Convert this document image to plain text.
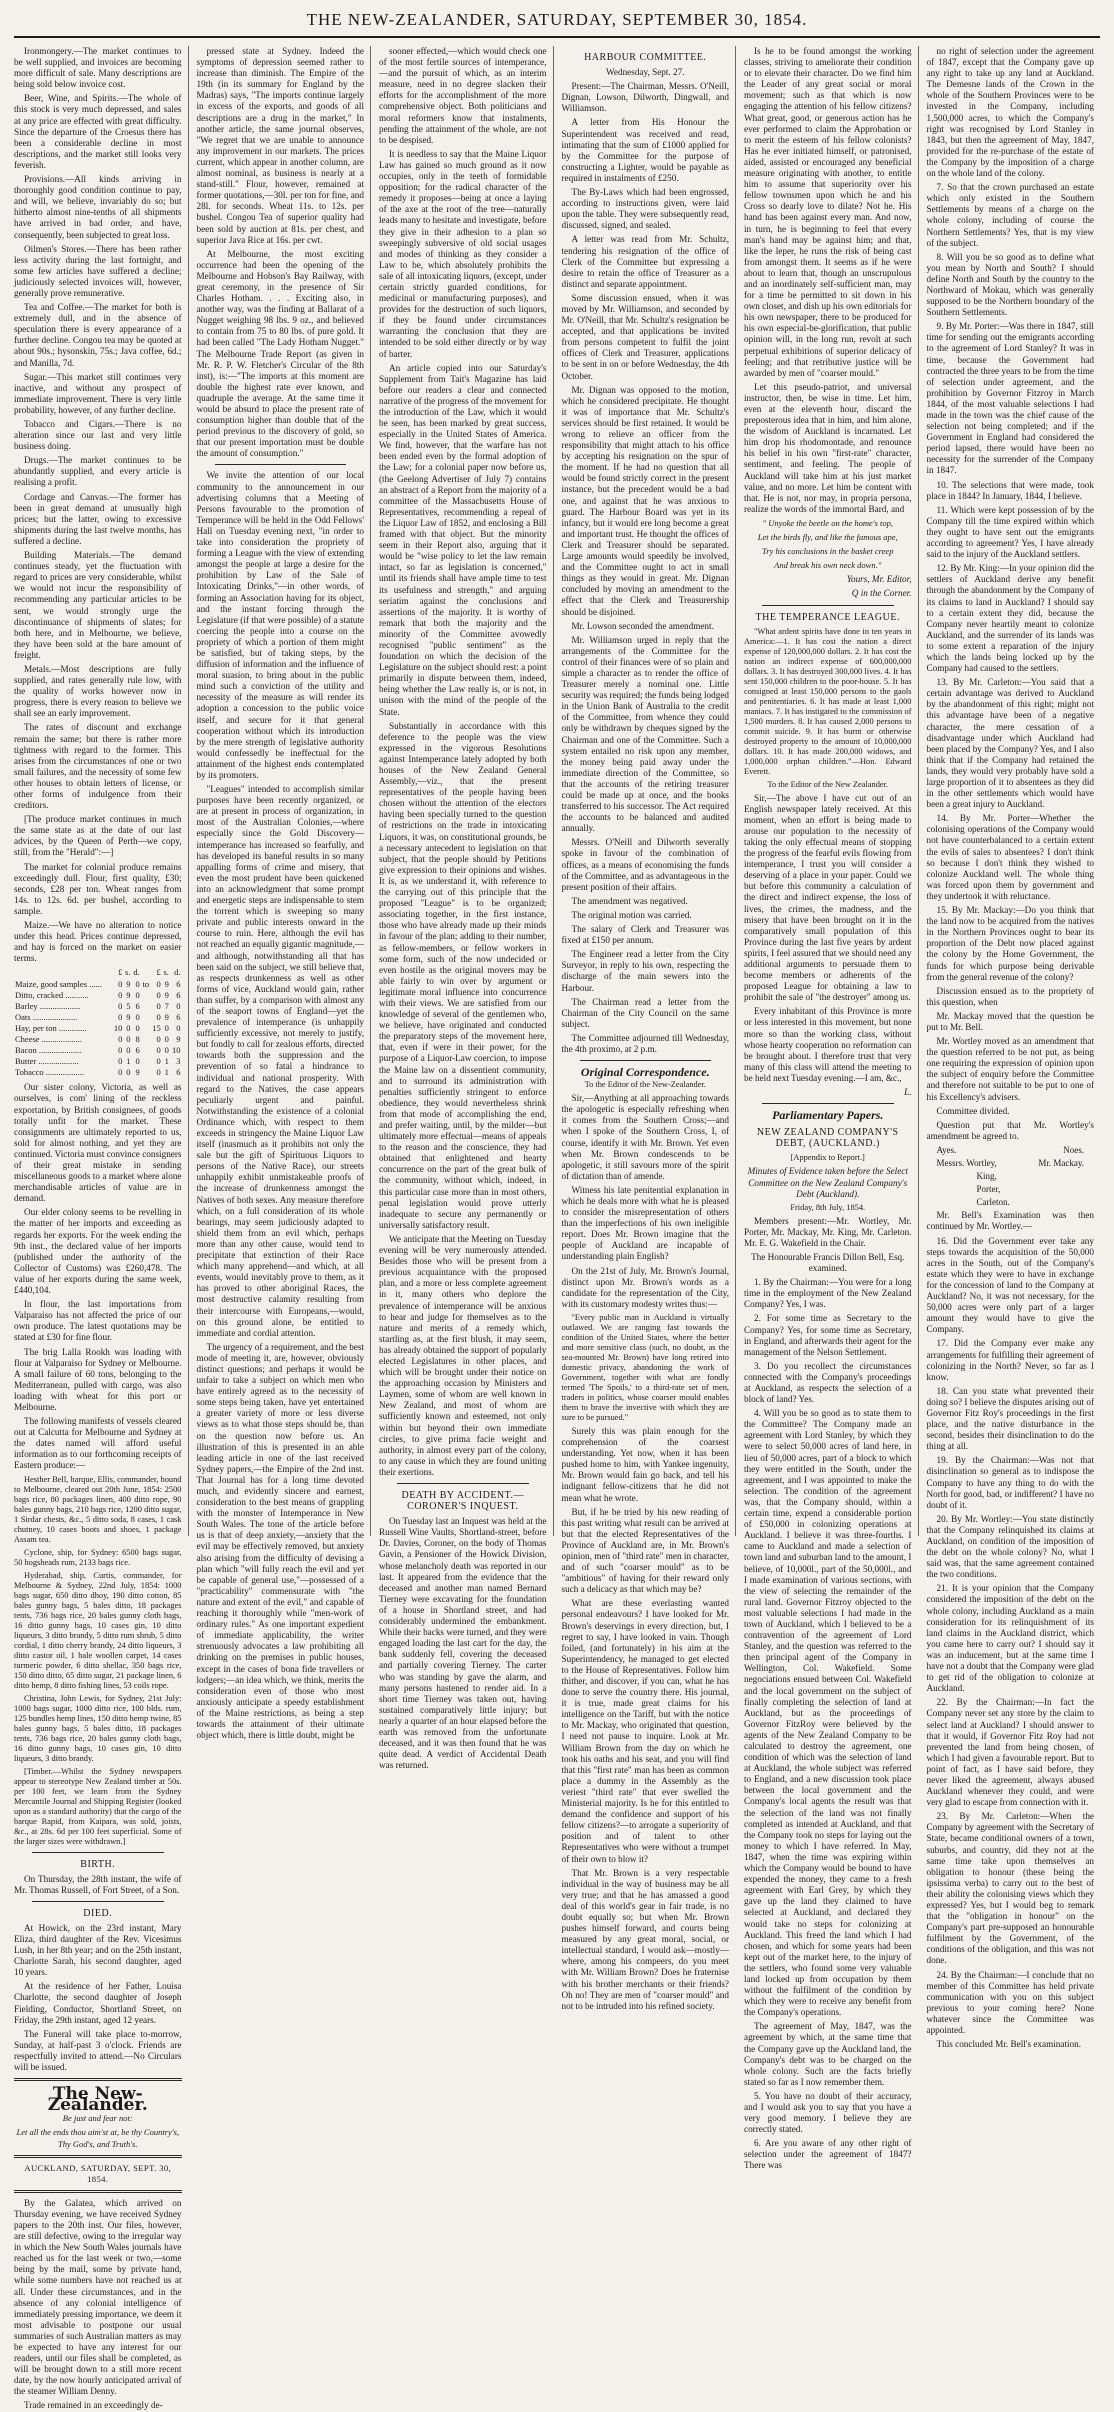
THE NEW-ZEALANDER, SATURDAY, SEPTEMBER 30, 1854.

Ironmongery.—The market continues to be well supplied, and invoices are becoming more difficult of sale. Many descriptions are being sold below invoice cost.

Beer, Wine, and Spirits.—The whole of this stock is very much depressed, and sales at any price are effected with great difficulty. Since the departure of the Croesus there has been a considerable decline in most descriptions, and the market still looks very feverish.

Provisions.—All kinds arriving in thoroughly good condition continue to pay, and will, we believe, invariably do so; but hitherto almost nine-tenths of all shipments have arrived in bad order, and have, consequently, been subjected to great loss.

Oilmen's Stores.—There has been rather less activity during the last fortnight, and some few articles have suffered a decline; judiciously selected invoices will, however, generally prove remunerative.

Tea and Coffee.—The market for both is extremely dull, and in the absence of speculation there is every appearance of a further decline. Congou tea may be quoted at about 90s.; hysonskin, 75s.; Java coffee, 6d.; and Manilla, 7d.

Sugar.—This market still continues very inactive, and without any prospect of immediate improvement. There is very little probability, however, of any further decline.

Tobacco and Cigars.—There is no alteration since our last and very little business doing.

Drugs.—The market continues to be abundantly supplied, and every article is realising a profit.

Cordage and Canvas.—The former has been in great demand at unusually high prices; but the latter, owing to excessive shipments during the last twelve months, has suffered a decline.

Building Materials.—The demand continues steady, yet the fluctuation with regard to prices are very considerable, whilst we would not incur the responsibility of recommending any particular articles to be sent, we would strongly urge the discontinuance of shipments of slates; for both here, and in Melbourne, we believe, they have been sold at the bare amount of freight.

Metals.—Most descriptions are fully supplied, and rates generally rule low, with the quality of works however now in progress, there is every reason to believe we shall see an early improvement.

The rates of discount and exchange remain the same; but there is rather more tightness with regard to the former. This arises from the circumstances of one or two small failures, and the necessity of some few other houses to obtain letters of license, or other forms of indulgence from their creditors.

[The produce market continues in much the same state as at the date of our last advices, by the Queen of Perth—we copy, still, from the "Herald":—]

The market for colonial produce remains exceedingly dull. Flour, first quality, £30; seconds, £28 per ton. Wheat ranges from 14s. to 12s. 6d. per bushel, according to sample.

Maize.—We have no alteration to notice under this head. Prices continue depressed, and hay is forced on the market on easier terms.

	£	s.	d.		£	s.	d.
Maize, good samples ......	0	9	0	to	0	9	6
Ditto, cracked ...........	0	9	0		0	9	6
Barley ...................	0	5	6		0	7	0
Oats .....................	0	9	0		0	9	6
Hay, per ton .............	10	0	0		15	0	0
Cheese ...................	0	0	8		0	0	9
Bacon ....................	0	0	6		0	0	10
Butter ...................	0	1	0		0	1	3
Tobacco ..................	0	0	9		0	1	6

Our sister colony, Victoria, as well as ourselves, is com' lining of the reckless exportation, by British consignees, of goods totally unfit for the market. These consignments are ultimately reported to us, sold for almost nothing, and yet they are continued. Victoria must convince consigners of their great mistake in sending miscellaneous goods to a market where alone merchandisable articles of value are in demand.

Our elder colony seems to be revelling in the matter of her imports and exceeding as regards her exports. For the week ending the 9th inst., the declared value of her imports (published under the authority of the Collector of Customs) was £260,478. The value of her exports during the same week, £440,104.

In flour, the last importations from Valparaiso has not affected the price of our own produce. The latest quotations may be stated at £30 for fine flour.

The brig Lalla Rookh was loading with flour at Valparaiso for Sydney or Melbourne. A small failure of 60 tons, belonging to the Mediterranean, pulled with cargo, was also loading with wheat for this port or Melbourne.

The following manifests of vessels cleared out at Calcutta for Melbourne and Sydney at the dates named will afford useful information as to our forthcoming receipts of Eastern produce:—

Hesther Bell, barque, Ellis, commander, bound to Melbourne, cleared out 20th June, 1854: 2500 bags rice, 80 packages linen, 400 ditto rope, 90 bales gunny bags, 210 bags rice, 1200 ditto sugar, 1 Sirdar chests, &c., 5 ditto soda, 8 cases, 1 cask chutney, 10 cases boots and shoes, 1 package Assam tea.

Cyclone, ship, for Sydney: 6500 bags sugar, 50 hogsheads rum, 2133 bags rice.

Hyderabad, ship, Curtis, commander, for Melbourne & Sydney, 22nd July, 1854: 1000 bags sugar, 650 ditto dhoy, 190 ditto cotton, 85 bales gunny bags, 5 bales ditto, 18 packages tents, 736 bags rice, 20 bales gunny cloth bags, 16 ditto gunny bags, 10 cases gin, 10 ditto liqueurs, 3 ditto brandy, 5 ditto rum shrub, 5 ditto cordial, 1 ditto cherry brandy, 24 ditto liqueurs, 3 ditto castor oil, 1 bale woollen carpet, 14 cases turmeric powder, 6 ditto shellac, 350 bags rice, 150 ditto ditto, 65 ditto sugar, 21 package linen, 6 ditto hemp, 8 ditto fishing lines, 53 coils rope.

Christina, John Lewis, for Sydney, 21st July: 1000 bags sugar, 1000 ditto rice, 100 blds. rum, 125 bundles hemp lines, 150 ditto hemp twine, 85 bales gunny bags, 5 bales ditto, 18 packages tents, 736 bags rice, 20 bales gunny cloth bags, 16 ditto gunny bags, 10 cases gin, 10 ditto liqueurs, 3 ditto brandy.

[Timber.—Whilst the Sydney newspapers appear to stereotype New Zealand timber at 50s. per 100 feet, we learn from the Sydney Mercantile Journal and Shipping Register (looked upon as a standard authority) that the cargo of the barque Rapid, from Kaipara, was sold, joists, &c., at 28s. 6d per 100 feet superficial. Some of the larger sizes were withdrawn.]

BIRTH.

On Thursday, the 28th instant, the wife of Mr. Thomas Russell, of Fort Street, of a Son.

DIED.

At Howick, on the 23rd instant, Mary Eliza, third daughter of the Rev. Vicesimus Lush, in her 8th year; and on the 25th instant, Charlotte Sarah, his second daughter, aged 10 years.

At the residence of her Father, Louisa Charlotte, the second daughter of Joseph Fielding, Conductor, Shortland Street, on Friday, the 29th instant, aged 12 years.

The Funeral will take place to-morrow, Sunday, at half-past 3 o'clock. Friends are respectfully invited to attend.—No Circulars will be issued.

The New-Zealander.

Be just and fear not:

Let all the ends thou aim'st at, be thy Country's, Thy God's, and Truth's.

AUCKLAND, SATURDAY, SEPT. 30, 1854.

By the Galatea, which arrived on Thursday evening, we have received Sydney papers to the 20th inst. Our files, however, are still defective, owing to the irregular way in which the New South Wales journals have reached us for the last week or two,—some being by the mail, some by private hand, while some numbers have not reached us at all. Under these circumstances, and in the absence of any colonial intelligence of immediately pressing importance, we deem it most advisable to postpone our usual summaries of such Australian matters as may be expected to have any interest for our readers, until our files shall be completed, as will be brought down to a still more recent date, by the now hourly anticipated arrival of the steamer William Denny.

Trade remained in an exceedingly de-

pressed state at Sydney. Indeed the symptoms of depression seemed rather to increase than diminish. The Empire of the 19th (in its summary for England by the Madras) says, "The imports continue largely in excess of the exports, and goods of all descriptions are a drug in the market," In another article, the same journal observes, "We regret that we are unable to announce any improvement in our markets. The prices current, which appear in another column, are almost nominal, as business is nearly at a stand-still." Flour, however, remained at former quotations,—30l. per ton for fine, and 28l. for seconds. Wheat 11s. to 12s. per bushel. Congou Tea of superior quality had been sold by auction at 81s. per chest, and superior Java Rice at 16s. per cwt.

At Melbourne, the most exciting occurrence had been the opening of the Melbourne and Hobson's Bay Railway, with great ceremony, in the presence of Sir Charles Hotham. . . . Exciting also, in another way, was the finding at Ballarat of a Nugget weighing 98 lbs. 9 oz., and believed to contain from 75 to 80 lbs. of pure gold. It had been called "The Lady Hotham Nugget." The Melbourne Trade Report (as given in Mr. R. P. W. Fletcher's Circular of the 8th inst), is:—"The imports at this moment are double the highest rate ever known, and quadruple the average. At the same time it would be absurd to place the present rate of consumption higher than double that of the period previous to the discovery of gold, so that our present importation must be double the amount of consumption."

We invite the attention of our local community to the announcement in our advertising columns that a Meeting of Persons favourable to the promotion of Temperance will be held in the Odd Fellows' Hall on Tuesday evening next, "in order to take into consideration the propriety of forming a League with the view of extending amongst the people at large a desire for the prohibition by Law of the Sale of Intoxicating Drinks,"—in other words, of forming an Association having for its object, and the instant forcing through the Legislature (if that were possible) of a statute coercing the people into a course on the propriety of which a portion of them might be satisfied, but of taking steps, by the diffusion of information and the influence of moral suasion, to bring about in the public mind such a conviction of the utility and necessity of the measure as will render its adoption a concession to the public voice itself, and secure for it that general cooperation without which its introduction by the mere strength of legislative authority would confessedly be ineffectual for the attainment of the highest ends contemplated by its promoters.

"Leagues" intended to accomplish similar purposes have been recently organized, or are at present in process of organization, in most of the Australian Colonies,—where especially since the Gold Discovery—intemperance has increased so fearfully, and has developed its baneful results in so many appalling forms of crime and misery, that even the most prudent have been quickened into an acknowledgment that some prompt and energetic steps are indispensable to stem the torrent which is sweeping so many private and public interests onward in the course to ruin. Here, although the evil has not reached an equally gigantic magnitude,—and although, notwithstanding all that has been said on the subject, we still believe that, as respects drunkenness as well as other forms of vice, Auckland would gain, rather than suffer, by a comparison with almost any of the seaport towns of England—yet the prevalence of intemperance (is unhappily sufficiently excessive, not merely to justify, but fondly to call for zealous efforts, directed towards both the suppression and the prevention of so fatal a hindrance to individual and national prosperity. With regard to the Natives, the case appears peculiarly urgent and painful. Notwithstanding the existence of a colonial Ordinance which, with respect to them exceeds in stringency the Maine Liquor Law itself (inasmuch as it prohibits not only the sale but the gift of Spirituous Liquors to persons of the Native Race), our streets unhappily exhibit unmistakeable proofs of the increase of drunkenness amongst the Natives of both sexes. Any measure therefore which, on a full consideration of its whole bearings, may seem judiciously adapted to shield them from an evil which, perhaps more than any other cause, would tend to precipitate that extinction of their Race which many apprehend—and which, at all events, would inevitably prove to them, as it has proved to other aboriginal Races, the most destructive calamity resulting from their intercourse with Europeans,—would, on this ground alone, be entitled to immediate and cordial attention.

The urgency of a requirement, and the best mode of meeting it, are, however, obviously distinct questions; and perhaps it would be unfair to take a subject on which men who have entirely agreed as to the necessity of some steps being taken, have yet entertained a greater variety of more or less diverse views as to what those steps should be, than on the question now before us. An illustration of this is presented in an able leading article in one of the last received Sydney papers,—the Empire of the 2nd inst. That Journal has for a long time devoted much, and evidently sincere and earnest, consideration to the best means of grappling with the monster of Intemperance in New South Wales. The tone of the article before us is that of deep anxiety,—anxiety that the evil may be effectively removed, but anxiety also arising from the difficulty of devising a plan which "will fully reach the evil and yet be capable of general use,"—possessed of a "practicability" commensurate with "the nature and extent of the evil," and capable of reaching it thoroughly while "men-work of ordinary rules." As one important expedient of immediate applicability, the writer strenuously advocates a law prohibiting all drinking on the premises in public houses, except in the cases of bona fide travellers or lodgers;—an idea which, we think, merits the consideration even of those who most anxiously anticipate a speedy establishment of the Maine restrictions, as being a step towards the attainment of their ultimate object which, there is little doubt, might be

sooner effected,—which would check one of the most fertile sources of intemperance,—and the pursuit of which, as an interim measure, need in no degree slacken their efforts for the accomplishment of the more comprehensive object. Both politicians and moral reformers know that instalments, pending the attainment of the whole, are not to be despised.

It is needless to say that the Maine Liquor Law has gained so much ground as it now occupies, only in the teeth of formidable opposition; for the radical character of the remedy it proposes—being at once a laying of the axe at the root of the tree—naturally leads many to hesitate and investigate, before they give in their adhesion to a plan so sweepingly subversive of old social usages and modes of thinking as they consider a Law to be, which absolutely prohibits the sale of all intoxicating liquors, (except, under certain strictly guarded conditions, for medicinal or manufacturing purposes), and provides for the destruction of such liquors, if they be found under circumstances warranting the conclusion that they are intended to be sold either directly or by way of barter.

An article copied into our Saturday's Supplement from Tait's Magazine has laid before our readers a clear and connected narrative of the progress of the movement for the introduction of the Law, which it would be seen, has been marked by great success, especially in the United States of America. We find, however, that the warfare has not been ended even by the formal adoption of the Law; for a colonial paper now before us, (the Geelong Advertiser of July 7) contains an abstract of a Report from the majority of a committee of the Massachusetts House of Representatives, recommending a repeal of the Liquor Law of 1852, and enclosing a Bill framed with that object. But the minority seem in their Report also, arguing that it would be "wise policy to let the law remain intact, so far as legislation is concerned," until its friends shall have ample time to test its usefulness and strength," and arguing seriatim against the conclusions and assertions of the majority. It is worthy of remark that both the majority and the minority of the Committee avowedly recognised "public sentiment" as the foundation on which the decision of the Legislature on the subject should rest: a point primarily in dispute between them, indeed, being whether the Law really is, or is not, in unison with the mind of the people of the State.

Substantially in accordance with this deference to the people was the view expressed in the vigorous Resolutions against Intemperance lately adopted by both houses of the New Zealand General Assembly,—viz., that the present representatives of the people having been chosen without the attention of the electors having been specially turned to the question of restrictions on the trade in intoxicating Liquors, it was, on constitutional grounds, be a necessary antecedent to legislation on that subject, that the people should by Petitions give expression to their opinions and wishes. It is, as we understand it, with reference to the carrying out of this principle that the proposed "League" is to be organized; associating together, in the first instance, those who have already made up their minds in favour of the plan; adding to their number, as fellow-members, or fellow workers in some form, such of the now undecided or even hostile as the original movers may be able fairly to win over by argument or legitimate moral influence into concurrence with their views. We are satisfied from our knowledge of several of the gentlemen who, we believe, have originated and conducted the preparatory steps of the movement here, that, even if were in their power, for the purpose of a Liquor-Law coercion, to impose the Maine law on a dissentient community, and to surround its administration with penalties sufficiently stringent to enforce obedience, they would nevertheless shrink from that mode of accomplishing the end, and prefer waiting, until, by the milder—but ultimately more effectual—means of appeals to the reason and the conscience, they had obtained that enlightened and hearty concurrence on the part of the great bulk of the community, without which, indeed, in this particular case more than in most others, penal legislation would prove utterly inadequate to secure any permanently or universally satisfactory result.

We anticipate that the Meeting on Tuesday evening will be very numerously attended. Besides those who will be present from a previous acquaintance with the proposed plan, and a more or less complete agreement in it, many others who deplore the prevalence of intemperance will be anxious to hear and judge for themselves as to the nature and merits of a remedy which, startling as, at the first blush, it may seem, has already obtained the support of popularly elected Legislatures in other places, and which will be brought under their notice on the approaching occasion by Ministers and Laymen, some of whom are well known in New Zealand, and most of whom are sufficiently known and esteemed, not only within but beyond their own immediate circles, to give prima facie weight and authority, in almost every part of the colony, to any cause in which they are found uniting their exertions.

DEATH BY ACCIDENT.—CORONER'S INQUEST.

On Tuesday last an Inquest was held at the Russell Wine Vaults, Shortland-street, before Dr. Davies, Coroner, on the body of Thomas Gavin, a Pensioner of the Howick Division, whose melancholy death was reported in our last. It appeared from the evidence that the deceased and another man named Bernard Tierney were excavating for the foundation of a house in Shortland street, and had considerably undermined the embankment. While their backs were turned, and they were engaged loading the last cart for the day, the bank suddenly fell, covering the deceased and partially covering Tierney. The carter who was standing by gave the alarm, and many persons hastened to render aid. In a short time Tierney was taken out, having sustained comparatively little injury; but nearly a quarter of an hour elapsed before the earth was removed from the unfortunate deceased, and it was then found that he was quite dead. A verdict of Accidental Death was returned.

HARBOUR COMMITTEE.

Wednesday, Sept. 27.

Present:—The Chairman, Messrs. O'Neill, Dignan, Lowson, Dilworth, Dingwall, and Williamson.

A letter from His Honour the Superintendent was received and read, intimating that the sum of £1000 applied for by the Committee for the purpose of constructing a Lighter, would be payable as required in instalments of £250.

The By-Laws which had been engrossed, according to instructions given, were laid upon the table. They were subsequently read, discussed, signed, and sealed.

A letter was read from Mr. Schultz, tendering his resignation of the office of Clerk of the Committee but expressing a desire to retain the office of Treasurer as a distinct and separate appointment.

Some discussion ensued, when it was moved by Mr. Williamson, and seconded by Mr. O'Neill, that Mr. Schultz's resignation be accepted, and that applications be invited from persons competent to fulfil the joint offices of Clerk and Treasurer, applications to be sent in on or before Wednesday, the 4th October.

Mr. Dignan was opposed to the motion, which he considered precipitate. He thought it was of importance that Mr. Schultz's services should be first retained. It would be wrong to relieve an officer from the responsibility that might attach to his office by accepting his resignation on the spur of the moment. If he had no question that all would be found strictly correct in the present instance, but the precedent would be a bad one, and against that he was anxious to guard. The Harbour Board was yet in its infancy, but it would ere long become a great and important trust. He thought the offices of Clerk and Treasurer should be separated. Large amounts would speedily be involved, and the Committee ought to act in small things as they would in great. Mr. Dignan concluded by moving an amendment to the effect that the Clerk and Treasurership should be disjoined.

Mr. Lowson seconded the amendment.

Mr. Williamson urged in reply that the arrangements of the Committee for the control of their finances were of so plain and simple a character as to render the office of Treasurer merely a nominal one. Little security was required; the funds being lodged in the Union Bank of Australia to the credit of the Committee, from whence they could only be withdrawn by cheques signed by the Chairman and one of the Committee. Such a system entailed no risk upon any member, the money being paid away under the immediate direction of the Committee, so that the accounts of the retiring treasurer could be made up at once, and the books transferred to his successor. The Act required the accounts to be balanced and audited annually.

Messrs. O'Neill and Dilworth severally spoke in favour of the combination of offices, as a means of economising the funds of the Committee, and as advantageous in the present position of their affairs.

The amendment was negatived.

The original motion was carried.

The salary of Clerk and Treasurer was fixed at £150 per annum.

The Engineer read a letter from the City Surveyor, in reply to his own, respecting the discharge of the main sewers into the Harbour.

The Chairman read a letter from the Chairman of the City Council on the same subject.

The Committee adjourned till Wednesday, the 4th proximo, at 2 p.m.

Original Correspondence.

To the Editor of the New-Zealander.

Sir,—Anything at all approaching towards the apologetic is especially refreshing when it comes from the Southern Cross;—and when I spoke of the Southern Cross, I, of course, identify it with Mr. Brown. Yet even when Mr. Brown condescends to be apologetic, it still savours more of the spirit of dictation than of amende.

Witness his late penitential explanation in which he deals more with what he is pleased to consider the misrepresentation of others than the imperfections of his own ineligible report. Does Mr. Brown imagine that the people of Auckland are incapable of understanding plain English?

On the 21st of July, Mr. Brown's Journal, distinct upon Mr. Brown's words as a candidate for the representation of the City, with its customary modesty writes thus:—

"Every public man in Auckland is virtually outlawed. We are ranging fast towards the condition of the United States, where the better and more sensitive class (such, no doubt, as the sea-mounted Mr. Brown) have long retired into domestic privacy, abandoning the work of Government, together with what are fondly termed 'The Spoils,' to a third-rate set of men, traders in politics, whose coarser mould enables them to brave the invective with which they are sure to be pursued."

Surely this was plain enough for the comprehension of the coarsest understanding. Yet now, when it has been pushed home to him, with Yankee ingenuity, Mr. Brown would fain go back, and tell his indignant fellow-citizens that he did not mean what he wrote.

But, if he be tried by his new reading of this past writing what result can be arrived at but that the elected Representatives of the Province of Auckland are, in Mr. Brown's opinion, men of "third rate" men in character, and of such "coarser mould" as to be "ambitious" of having for their reward only such a delicacy as that which may be?

What are these everlasting wanted personal endeavours? I have looked for Mr. Brown's deservings in every direction, but, I regret to say, I have looked in vain. Though foiled, (and fortunately) in his aim at the Superintendency, he managed to get elected to the House of Representatives. Follow him thither, and discover, if you can, what he has done to serve the country there. His journal, it is true, made great claims for his intelligence on the Tariff, but with the notice to Mr. Mackay, who originated that question, I need not pause to inquire. Look at Mr. William Brown from the day on which he took his oaths and his seat, and you will find that this "first rate" man has been as common place a dummy in the Assembly as the veriest "third rate" that ever swelled the Ministerial majority. Is he for this entitled to demand the confidence and support of his fellow citizens?—to arrogate a superiority of position and of talent to other Representatives who were without a trumpet of their own to blow it?

That Mr. Brown is a very respectable individual in the way of business may be all very true; and that he has amassed a good deal of this world's gear in fair trade, is no doubt equally so; but when Mr. Brown pushes himself forward, and courts being measured by any great moral, social, or intellectual standard, I would ask—mostly—where, among his compeers, do you meet with Mr. William Brown? Does he fraternise with his brother merchants or their friends? Oh no! They are men of "coarser mould" and not to be intruded into his refined society.

Is he to be found amongst the working classes, striving to ameliorate their condition or to elevate their character. Do we find him the Leader of any great social or moral movement; such as that which is now engaging the attention of his fellow citizens? What great, good, or generous action has he ever performed to claim the Approbation or to merit the esteem of his fellow colonists? Has he ever initiated himself, or patronised, aided, assisted or encouraged any beneficial measure originating with another, to entitle him to assume that superiority over his fellow townsmen upon which he and his Cross so dearly love to dilate? Not he. His hand has been against every man. And now, in turn, he is beginning to feel that every man's hand may be against him; and that, like the leper, he runs the risk of being cast from amongst them. It seems as if he were about to learn that, though an unscrupulous and an inordinately self-sufficient man, may for a time be permitted to sit down in his own closet, and dish up his own editorials for his own newspaper, there to be produced for his own especial-be-glorification, that public opinion will, in the long run, revolt at such perpetual exhibitions of superior delicacy of feeling; and that retributive justice will be awarded by men of "coarser mould."

Let this pseudo-patriot, and universal instructor, then, be wise in time. Let him, even at the eleventh hour, discard the preposterous idea that in him, and him alone, the wisdom of Auckland is incarnated. Let him drop his rhodomontade, and renounce his belief in his own "first-rate" character, sentiment, and feeling. The people of Auckland will take him at his just market value, and no more. Let him be content with that. He is not, nor may, in propria persona, realize the words of the immortal Bard, and

" Unyoke the beetle on the home's top,

Let the birds fly, and like the famous ape,

Try his conclusions in the basket creep

And break his own neck down."

Yours, Mr. Editor,

Q in the Corner.

THE TEMPERANCE LEAGUE.

"What ardent spirits have done in ten years in America:—1. It has cost the nation a direct expense of 120,000,000 dollars. 2. It has cost the nation an indirect expense of 600,000,000 dollars. 3. It has destroyed 300,000 lives. 4. It has sent 150,000 children to the poor-house. 5. It has consigned at least 150,000 persons to the gaols and penitentiaries. 6. It has made at least 1,000 maniacs. 7. It has instigated to the commission of 1,500 murders. 8. It has caused 2,000 persons to commit suicide. 9. It has burnt or otherwise destroyed property to the amount of 10,000,000 dollars. 10. It has made 200,000 widows, and 1,000,000 orphan children."—Hon. Edward Everett.

To the Editor of the New Zealander.

Sir,—The above I have cut out of an English newspaper lately received. At this moment, when an effort is being made to arouse our population to the necessity of taking the only effectual means of stopping the progress of the fearful evils flowing from intemperance, I trust you will consider a deserving of a place in your paper. Could we but before this community a calculation of the direct and indirect expense, the loss of lives, the crimes, the madness, and the misery that have been brought on it in the comparatively small population of this Province during the last five years by ardent spirits, I feel assured that we should need any additional arguments to persuade them to become members or adherents of the proposed League for obtaining a law to prohibit the sale of "the destroyer" among us.

Every inhabitant of this Province is more or less interested in this movement, but none more so than the working class, without whose hearty cooperation no reformation can be brought about. I therefore trust that very many of this class will attend the meeting to be held next Tuesday evening.—I am, &c.,

L.

Parliamentary Papers.
NEW ZEALAND COMPANY'S DEBT, (AUCKLAND.)

[Appendix to Report.]

Minutes of Evidence taken before the Select Committee on the New Zealand Company's Debt (Auckland).

Friday, 8th July, 1854.

Members present:—Mr. Wortley, Mr. Porter, Mr. Mackay, Mr. King, Mr. Carleton. Mr. E. G. Wakefield in the Chair.

The Honourable Francis Dillon Bell, Esq. examined.

1. By the Chairman:—You were for a long time in the employment of the New Zealand Company? Yes, I was.

2. For some time as Secretary to the Company? Yes, for some time as Secretary, in England, and afterwards their agent for the management of the Nelson Settlement.

3. Do you recollect the circumstances connected with the Company's proceedings at Auckland, as respects the selection of a block of land? Yes.

4. Will you be so good as to state them to the Committee? The Company made an agreement with Lord Stanley, by which they were to select 50,000 acres of land here, in lieu of 50,000 acres, part of a block to which they were entitled in the South, under the agreement, and I was appointed to make the selection. The condition of the agreement was, that the Company should, within a certain time, expend a considerable portion of £50,000 in colonizing operations at Auckland. I believe it was three-fourths. I came to Auckland and made a selection of town land and suburban land to the amount, I believe, of 10,000l., part of the 50,000l., and I made examination of various sections, with the view of selecting the remainder of the rural land. Governor Fitzroy objected to the most valuable selections I had made in the town of Auckland, which I believed to be a contravention of the agreement of Lord Stanley, and the question was referred to the then principal agent of the Company in Wellington, Col. Wakefield. Some negociations ensued between Col. Wakefield and the local government on the subject of finally completing the selection of land at Auckland, but as the proceedings of Governor FitzRoy were believed by the agents of the New Zealand Company to be calculated to destroy the agreement, one condition of which was the selection of land at Auckland, the whole subject was referred to England, and a new discussion took place between the local government and the Company's local agents the result was that the selection of the land was not finally completed as intended at Auckland, and that the Company took no steps for laying out the money to which I have referred. In May, 1847, when the time was expiring within which the Company would be bound to have expended the money, they came to a fresh agreement with Earl Grey, by which they gave up the land they claimed to have selected at Auckland, and declared they would take no steps for colonizing at Auckland. This freed the land which I had chosen, and which for some years had been kept out of the market here, to the injury of the settlers, who found some very valuable land locked up from occupation by them without the fulfilment of the condition by which they were to receive any benefit from the Company's operations.

The agreement of May, 1847, was the agreement by which, at the same time that the Company gave up the Auckland land, the Company's debt was to be charged on the whole colony. Such are the facts briefly stated so far as I now remember them.

5. You have no doubt of their accuracy, and I would ask you to say that you have a very good memory. I believe they are correctly stated.

6. Are you aware of any other right of selection under the agreement of 1847? There was

no right of selection under the agreement of 1847, except that the Company gave up any right to take up any land at Auckland. The Demesne lands of the Crown in the whole of the Southern Provinces were to be invested in the Company, including 1,500,000 acres, to which the Company's right was recognised by Lord Stanley in 1843, but then the agreement of May, 1847, provided for the re-purchase of the estate of the Company by the imposition of a charge on the whole land of the colony.

7. So that the crown purchased an estate which only existed in the Southern Settlements by means of a charge on the whole colony, including of course the Northern Settlements? Yes, that is my view of the subject.

8. Will you be so good as to define what you mean by North and South? I should define North and South by the country to the Northward of Mokau, which was generally supposed to be the Northern boundary of the Southern Settlements.

9. By Mr. Porter:—Was there in 1847, still time for sending out the emigrants according to the agreement of Lord Stanley? It was in time, because the Government had contracted the three years to be from the time of selection under agreement, and the prohibition by Governor Fitzroy in March 1844, of the most valuable selections I had made in the town was the chief cause of the selection not being completed; and if the Government in England had considered the period lapsed, there would have been no necessity for the surrender of the Company in 1847.

10. The selections that were made, took place in 1844? In January, 1844, I believe.

11. Which were kept possession of by the Company till the time expired within which they ought to have sent out the emigrants according to agreement? Yes, I have already said to the injury of the Auckland settlers.

12. By Mr. King:—In your opinion did the settlers of Auckland derive any benefit through the abandonment by the Company of its claims to land in Auckland? I should say to a certain extent they did, because the Company never heartily meant to colonize Auckland, and the surrender of its lands was to some extent a reparation of the injury which the lands being locked up by the Company had caused to the settlers.

13. By Mr. Carleton:—You said that a certain advantage was derived to Auckland by the abandonment of this right; might not this advantage have been of a negative character, the mere cessation of a disadvantage under which Auckland had been placed by the Company? Yes, and I also think that if the Company had retained the lands, they would very probably have sold a large proportion of it to absentees as they did in the other settlements which would have been a great injury to Auckland.

14. By Mr. Porter—Whether the colonising operations of the Company would not have counterbalanced to a certain extent the evils of sales to absentees? I don't think so because I don't think they wished to colonize Auckland well. The whole thing was forced upon them by government and they undertook it with reluctance.

15. By Mr. Mackay:—Do you think that the land now to be acquired from the natives in the Northern Provinces ought to bear its proportion of the Debt now placed against the colony by the Home Government, the funds for which purpose being derivable from the general revenue of the colony?

Discussion ensued as to the propriety of this question, when

Mr. Mackay moved that the question be put to Mr. Bell.

Mr. Wortley moved as an amendment that the question referred to be not put, as being one requiring the expression of opinion upon the subject of enquiry before the Committee and therefore not suitable to be put to one of his Excellency's advisers.

Committee divided.

Question put that Mr. Wortley's amendment be agreed to.

Ayes.	Noes.
Messrs. Wortley,	Mr. Mackay.
King,
Porter,
Carleton.

Mr. Bell's Examination was then continued by Mr. Wortley.—

16. Did the Government ever take any steps towards the acquisition of the 50,000 acres in the South, out of the Company's estate which they were to have in exchange for the concession of land to the Company at Auckland? No, it was not necessary, for the 50,000 acres were only part of a larger amount they would have to give the Company.

17. Did the Company ever make any arrangements for fulfilling their agreement of colonizing in the North? Never, so far as I know.

18. Can you state what prevented their doing so? I believe the disputes arising out of Governor Fitz Roy's proceedings in the first place, and the native disturbance in the second, besides their disinclination to do the thing at all.

19. By the Chairman:—Was not that disinclination so general as to indispose the Company to have any thing to do with the North for good, bad, or indifferent? I have no doubt of it.

20. By Mr. Wortley:—You state distinctly that the Company relinquished its claims at Auckland, on condition of the imposition of the debt on the whole colony? No, what I said was, that the same agreement contained the two conditions.

21. It is your opinion that the Company considered the imposition of the debt on the whole colony, including Auckland as a main consideration for its relinquishment of its land claims in the Auckland district, which you came here to carry out? I should say it was an inducement, but at the same time I have not a doubt that the Company were glad to get rid of the obligation to colonize at Auckland.

22. By the Chairman:—In fact the Company never set any store by the claim to select land at Auckland? I should answer to that it would, if Governor Fitz Roy had not prevented the land from being chosen, of which I had given a favourable report. But to point of fact, as I have said before, they never liked the agreement, always abused Auckland whenever they could, and were very glad to escape from connection with it.

23. By Mr. Carleton:—When the Company by agreement with the Secretary of State, became conditional owners of a town, suburbs, and country, did they not at the same time take upon themselves an obligation to honour (these being the ipsissima verba) to carry out to the best of their ability the colonising views which they expressed? Yes, but I would beg to remark that the "obligation in honour" on the Company's part pre-supposed an honourable fulfilment by the Government, of the conditions of the obligation, and this was not done.

24. By the Chairman:—I conclude that no member of this Committee has held private communication with you on this subject previous to your coming here? None whatever since the Committee was appointed.

This concluded Mr. Bell's examination.
